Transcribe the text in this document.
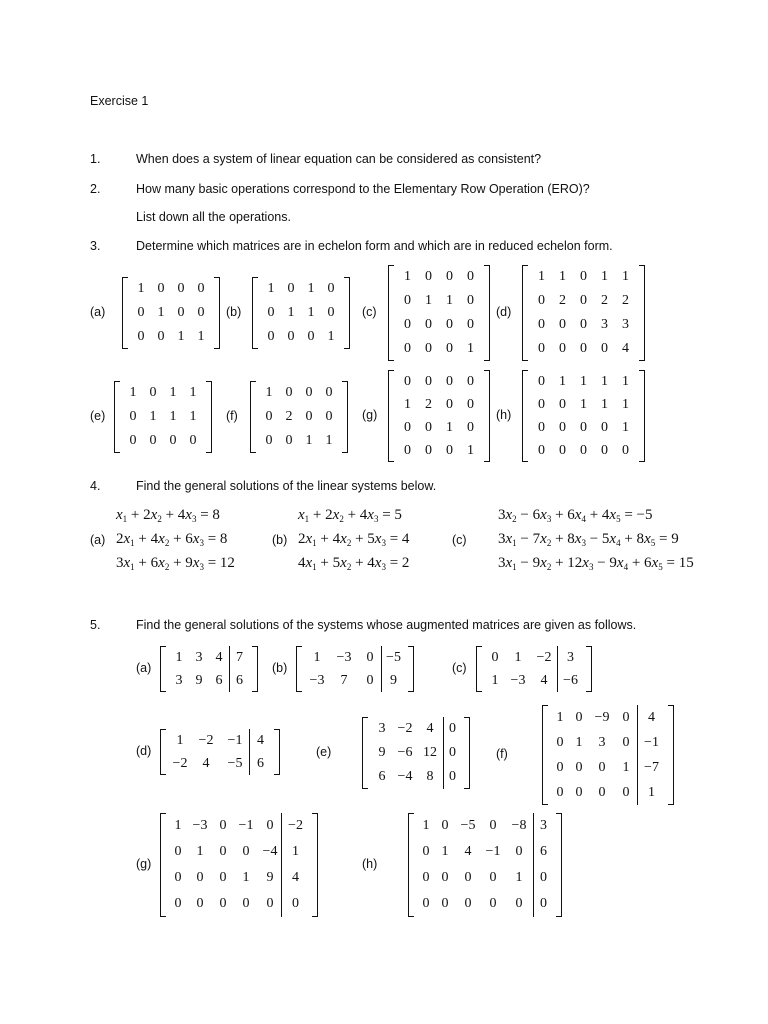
Exercise 1
1.	When does a system of linear equation can be considered as consistent?
2.	How many basic operations correspond to the Elementary Row Operation (ERO)?
List down all the operations.
3.	Determine which matrices are in echelon form and which are in reduced echelon form.
4.	Find the general solutions of the linear systems below.
5.	Find the general solutions of the systems whose augmented matrices are given as follows.
(a)
1 0 0 0
0 1 0 0
0 0 1 1
(b)
1 0 1 0
0 1 1 0
0 0 0 1
(c)
1	0	0	0
0	1	1	0
0	0	0	0
0	0	0	1
(d)
1	1	0	1	1
0	2	0	2	2
0	0	0	3	3
0	0	0	0	4
(e)
1 0 1 1
0 1 1 1
0 0 0 0
(f)
1 0 0 0
0 2 0 0
0 0 1 1
(g)
0	0	0	0
1	2	0	0
0	0	1	0
0	0	0	1
(h)
0	1	1	1	1
0	0	1	1	1
0	0	0	0	1
0	0	0	0	0
(a)
1 3 4 7
3 9 6 6
(b)
1	−3	0 −5
−3	7	0	9
(c)
0	1	−2	3
1 −3	4	−6
(d)
1	−2	−1	4
−2	4	−5	6
(e)
3 −2	4	0
9 −6 12 0
6 −4	8	0
(f)
1 0 −9 0	4
0 1	3	0	−1
0 0	0	1	−7
0 0	0	0	1
(g)
1 −3 0 −1 0	−2
0	1	0	0 −4	1
0	0	0	1	9	4
0	0	0	0	0	0
(h)
1 0 −5	0	−8 3
0 1	4	−1	0	6
0 0	0	0	1	0
0 0	0	0	0	0
(a)
$x_1 + 2x_2 + 4x_3 = 8$
$2x_1 + 4x_2 + 6x_3 = 8$
$3x_1 + 6x_2 + 9x_3 = 12$
(b)
$x_1 + 2x_2 + 4x_3 = 5$
$2x_1 + 4x_2 + 5x_3 = 4$
$4x_1 + 5x_2 + 4x_3 = 2$
(c)
$3x_2 - 6x_3 + 6x_4 + 4x_5 = -5$
$3x_1 - 7x_2 + 8x_3 - 5x_4 + 8x_5 = 9$
$3x_1 - 9x_2 + 12x_3 - 9x_4 + 6x_5 = 15$
